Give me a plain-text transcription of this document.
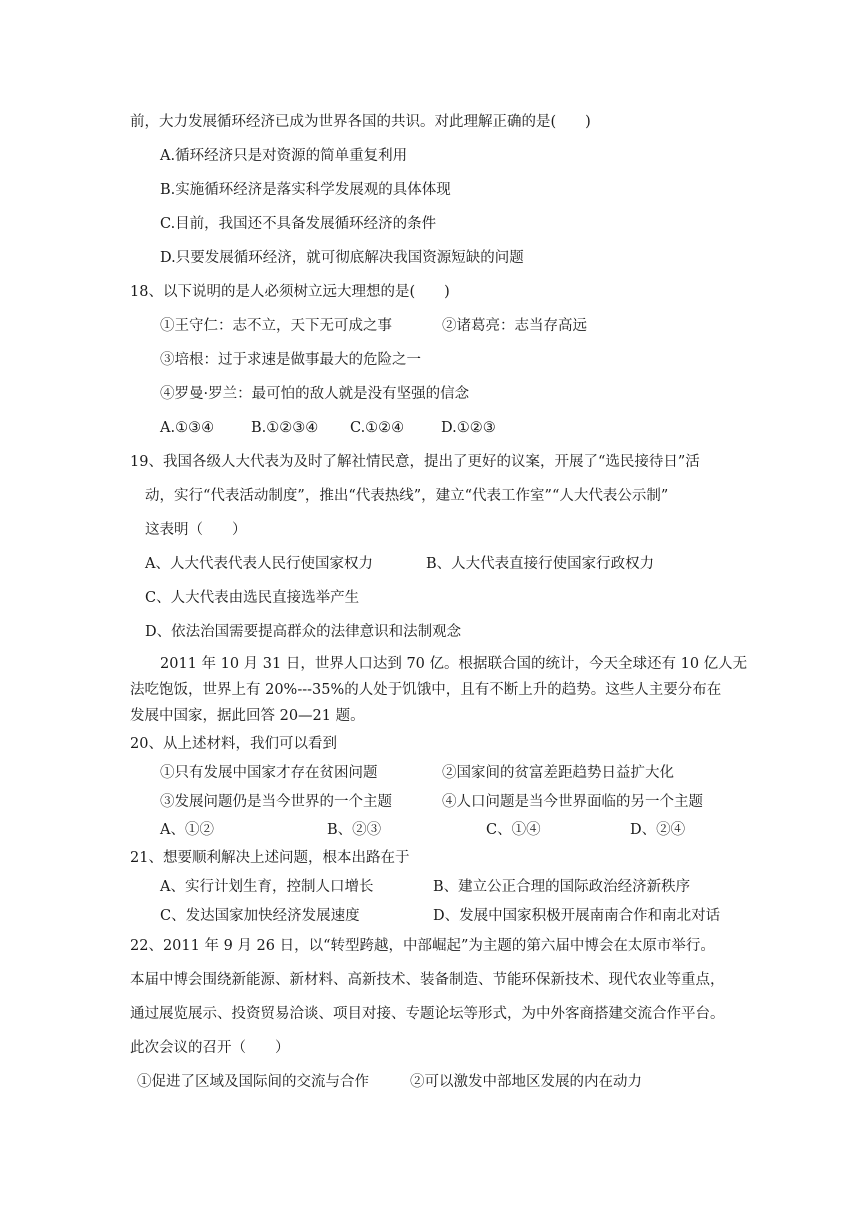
前，大力发展循环经济已成为世界各国的共识。对此理解正确的是(　　)
A.循环经济只是对资源的简单重复利用
B.实施循环经济是落实科学发展观的具体体现
C.目前，我国还不具备发展循环经济的条件
D.只要发展循环经济，就可彻底解决我国资源短缺的问题
18、以下说明的是人必须树立远大理想的是(　　)
①王守仁：志不立，天下无可成之事	②诸葛亮：志当存高远
③培根：过于求速是做事最大的危险之一
④罗曼·罗兰：最可怕的敌人就是没有坚强的信念
A.①③④	B.①②③④ C.①②④	D.①②③
19、我国各级人大代表为及时了解社情民意，提出了更好的议案，开展了“选民接待日”活
动，实行“代表活动制度”，推出“代表热线”，建立“代表工作室”“人大代表公示制”
这表明（　　）
A、人大代表代表人民行使国家权力	B、人大代表直接行使国家行政权力
C、人大代表由选民直接选举产生
D、依法治国需要提高群众的法律意识和法制观念
2011 年 10 月 31 日，世界人口达到 70 亿。根据联合国的统计，今天全球还有 10 亿人无
法吃饱饭，世界上有 20%---35%的人处于饥饿中，且有不断上升的趋势。这些人主要分布在
发展中国家，据此回答 20—21 题。
20、从上述材料，我们可以看到
①只有发展中国家才存在贫困问题	②国家间的贫富差距趋势日益扩大化
③发展问题仍是当今世界的一个主题	④人口问题是当今世界面临的另一个主题
A、①②	B、②③	C、①④	D、②④
21、想要顺利解决上述问题，根本出路在于
A、实行计划生育，控制人口增长	B、建立公正合理的国际政治经济新秩序
C、发达国家加快经济发展速度	D、发展中国家积极开展南南合作和南北对话
22、2011 年 9 月 26 日，以“转型跨越，中部崛起”为主题的第六届中博会在太原市举行。
本届中博会围绕新能源、新材料、高新技术、装备制造、节能环保新技术、现代农业等重点，
通过展览展示、投资贸易洽谈、项目对接、专题论坛等形式，为中外客商搭建交流合作平台。
此次会议的召开（　　）
①促进了区域及国际间的交流与合作	②可以激发中部地区发展的内在动力
